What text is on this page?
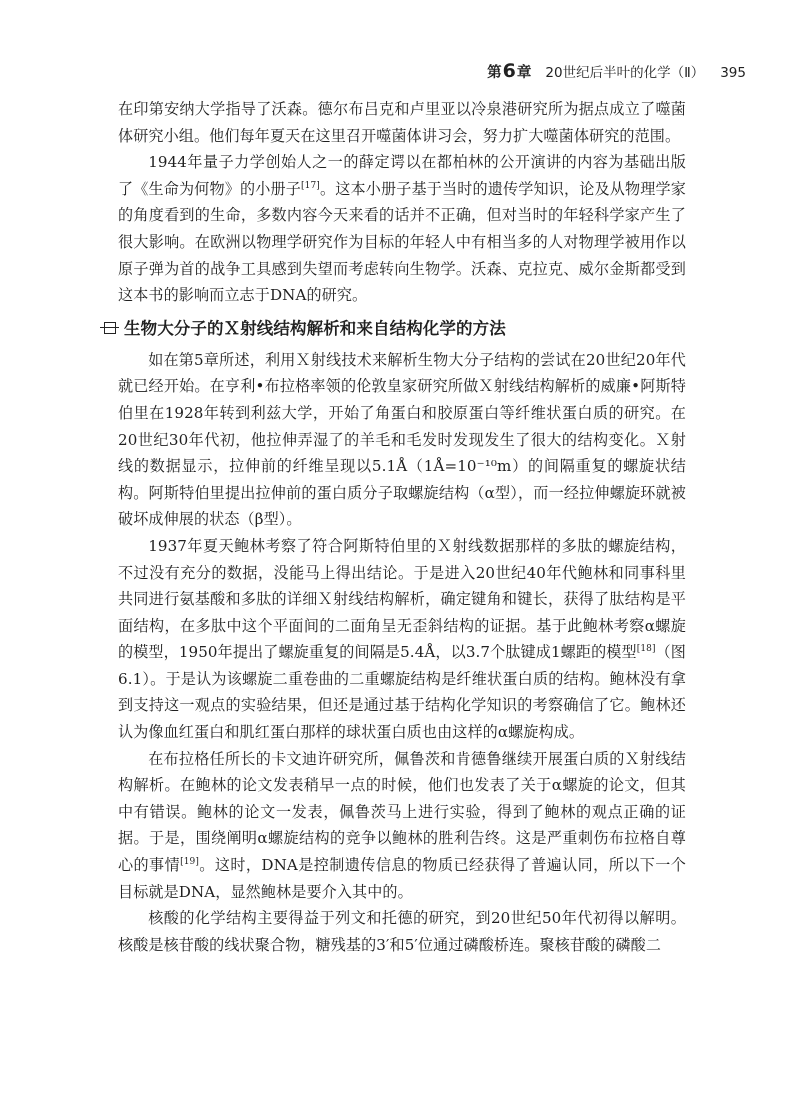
第6章 20世纪后半叶的化学（Ⅱ） 395

在印第安纳大学指导了沃森。德尔布吕克和卢里亚以冷泉港研究所为据点成立了噬菌体研究小组。他们每年夏天在这里召开噬菌体讲习会，努力扩大噬菌体研究的范围。

1944年量子力学创始人之一的薛定谔以在都柏林的公开演讲的内容为基础出版了《生命为何物》的小册子[17]。这本小册子基于当时的遗传学知识，论及从物理学家的角度看到的生命，多数内容今天来看的话并不正确，但对当时的年轻科学家产生了很大影响。在欧洲以物理学研究作为目标的年轻人中有相当多的人对物理学被用作以原子弹为首的战争工具感到失望而考虑转向生物学。沃森、克拉克、威尔金斯都受到这本书的影响而立志于DNA的研究。

生物大分子的Ｘ射线结构解析和来自结构化学的方法

如在第5章所述，利用Ｘ射线技术来解析生物大分子结构的尝试在20世纪20年代就已经开始。在亨利•布拉格率领的伦敦皇家研究所做Ｘ射线结构解析的威廉•阿斯特伯里在1928年转到利兹大学，开始了角蛋白和胶原蛋白等纤维状蛋白质的研究。在20世纪30年代初，他拉伸弄湿了的羊毛和毛发时发现发生了很大的结构变化。Ｘ射线的数据显示，拉伸前的纤维呈现以5.1Å（1Å=10⁻¹⁰m）的间隔重复的螺旋状结构。阿斯特伯里提出拉伸前的蛋白质分子取螺旋结构（α型），而一经拉伸螺旋环就被破坏成伸展的状态（β型）。

1937年夏天鲍林考察了符合阿斯特伯里的Ｘ射线数据那样的多肽的螺旋结构，不过没有充分的数据，没能马上得出结论。于是进入20世纪40年代鲍林和同事科里共同进行氨基酸和多肽的详细Ｘ射线结构解析，确定键角和键长，获得了肽结构是平面结构，在多肽中这个平面间的二面角呈无歪斜结构的证据。基于此鲍林考察α螺旋的模型，1950年提出了螺旋重复的间隔是5.4Å，以3.7个肽键成1螺距的模型[18]（图6.1）。于是认为该螺旋二重卷曲的二重螺旋结构是纤维状蛋白质的结构。鲍林没有拿到支持这一观点的实验结果，但还是通过基于结构化学知识的考察确信了它。鲍林还认为像血红蛋白和肌红蛋白那样的球状蛋白质也由这样的α螺旋构成。

在布拉格任所长的卡文迪许研究所，佩鲁茨和肯德鲁继续开展蛋白质的Ｘ射线结构解析。在鲍林的论文发表稍早一点的时候，他们也发表了关于α螺旋的论文，但其中有错误。鲍林的论文一发表，佩鲁茨马上进行实验，得到了鲍林的观点正确的证据。于是，围绕阐明α螺旋结构的竞争以鲍林的胜利告终。这是严重刺伤布拉格自尊心的事情[19]。这时，DNA是控制遗传信息的物质已经获得了普遍认同，所以下一个目标就是DNA，显然鲍林是要介入其中的。

核酸的化学结构主要得益于列文和托德的研究，到20世纪50年代初得以解明。核酸是核苷酸的线状聚合物，糖残基的3′和5′位通过磷酸桥连。聚核苷酸的磷酸二
